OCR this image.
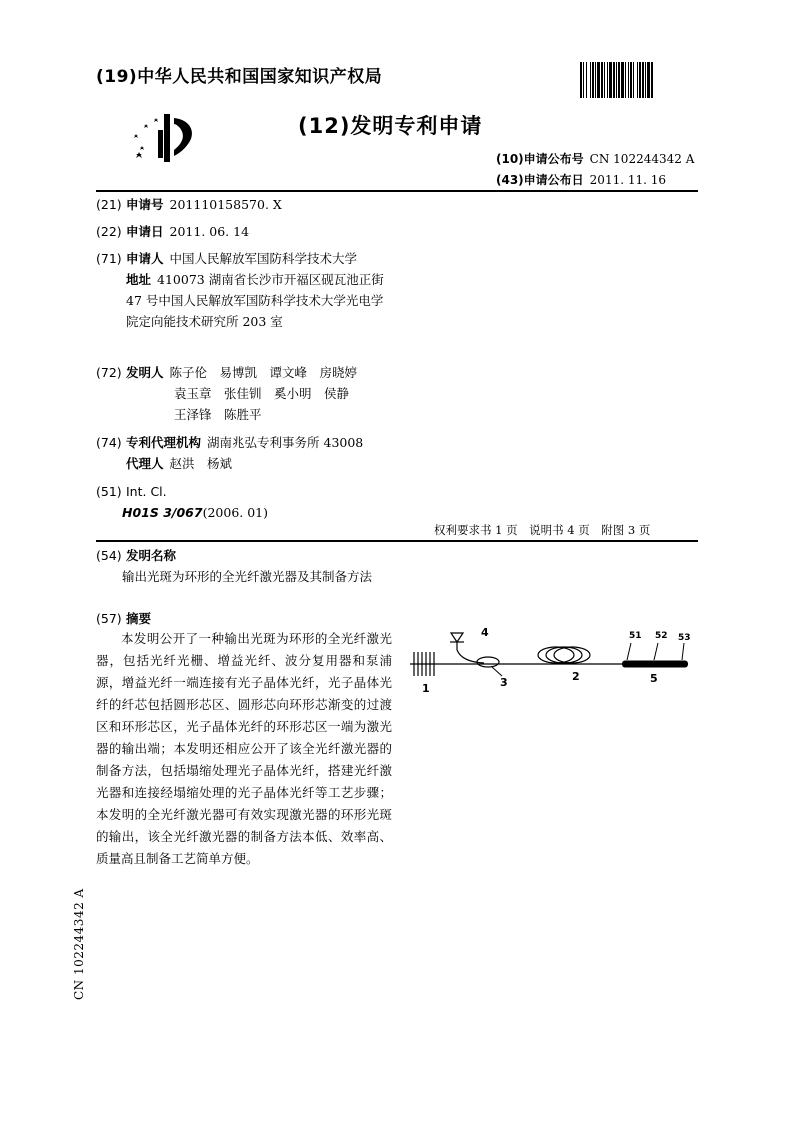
(19)中华人民共和国国家知识产权局
(12)发明专利申请
(10)申请公布号 CN 102244342 A
(43)申请公布日 2011. 11. 16
(21) 申请号 201110158570. X
(22) 申请日 2011. 06. 14
(71) 申请人 中国人民解放军国防科学技术大学
地址 410073 湖南省长沙市开福区砚瓦池正街 47 号中国人民解放军国防科学技术大学光电学院定向能技术研究所 203 室
(72) 发明人 陈子伦　易博凯　谭文峰　房晓婷
袁玉章　张佳钏　奚小明　侯静
王泽锋　陈胜平
(74) 专利代理机构 湖南兆弘专利事务所 43008
代理人 赵洪　杨斌
(51) Int. Cl.
H01S 3/067(2006. 01)
权利要求书 1 页　说明书 4 页　附图 3 页
(54) 发明名称
输出光斑为环形的全光纤激光器及其制备方法
(57) 摘要
本发明公开了一种输出光斑为环形的全光纤激光器，包括光纤光栅、增益光纤、波分复用器和泵浦源，增益光纤一端连接有光子晶体光纤，光子晶体光纤的纤芯包括圆形芯区、圆形芯向环形芯渐变的过渡区和环形芯区，光子晶体光纤的环形芯区一端为激光器的输出端；本发明还相应公开了该全光纤激光器的制备方法，包括塌缩处理光子晶体光纤，搭建光纤激光器和连接经塌缩处理的光子晶体光纤等工艺步骤；本发明的全光纤激光器可有效实现激光器的环形光斑的输出，该全光纤激光器的制备方法本低、效率高、质量高且制备工艺简单方便。
1
2
3
4
5
51 52 53
CN 102244342 A
